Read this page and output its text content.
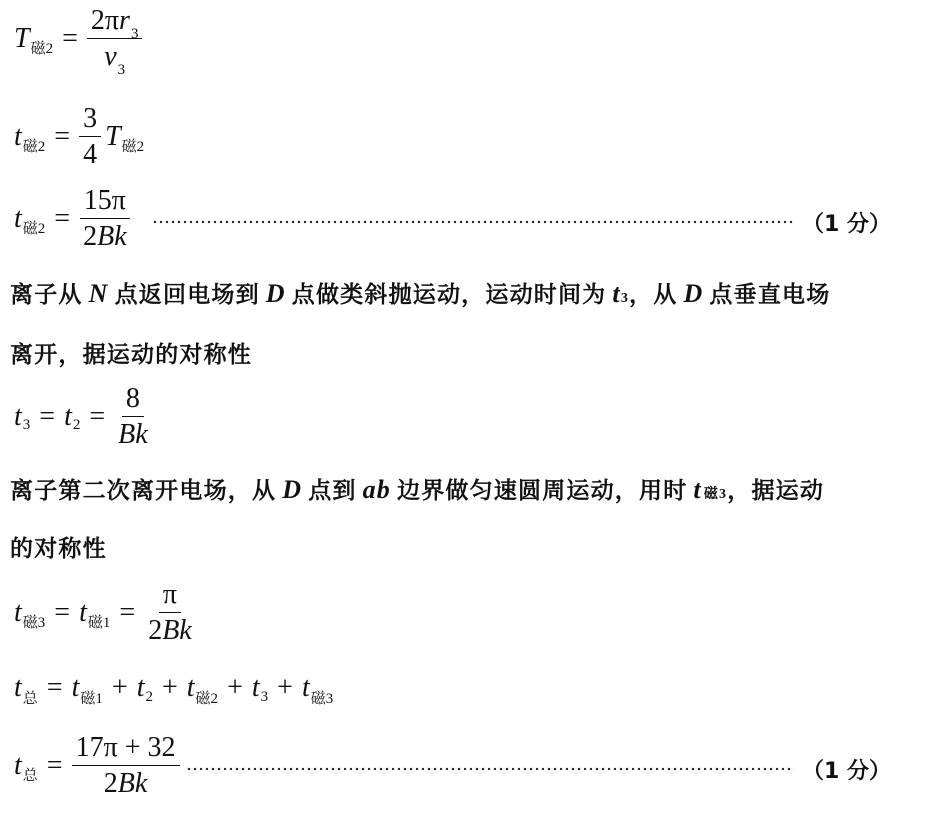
T 磁$2 = \frac{2\pi r_3}{v_3}$
t 磁$2 = \frac{3}{4}$ T 磁2
t 磁$2 = \frac{15\pi}{2Bk}$	（1 分）
离子从 N 点返回电场到 D 点做类斜抛运动，运动时间为 t3，从 D 点垂直电场
离开，据运动的对称性
t 3 = t $2 = \frac{8}{Bk}$
离子第二次离开电场，从 D 点到 ab 边界做匀速圆周运动，用时 t 磁3，据运动
的对称性
t 磁3 = t 磁$1 = \frac{\pi}{2Bk}$
t 总 = t 磁1 + t 2 + t 磁2 + t 3 + t 磁3
t 总 = $\frac{17\pi + 32}{2Bk}$	（1 分）
